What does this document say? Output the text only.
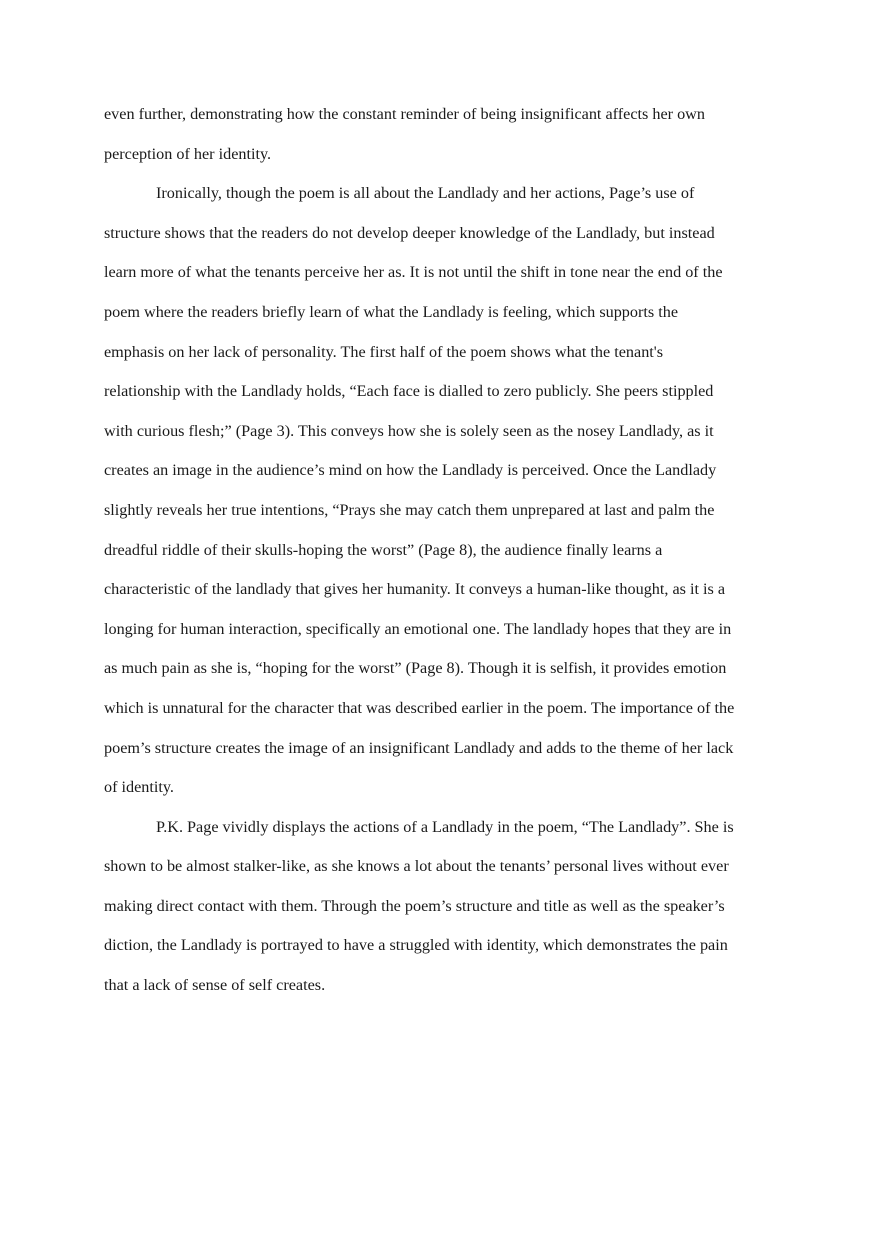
even further, demonstrating how the constant reminder of being insignificant affects her own
perception of her identity.

Ironically, though the poem is all about the Landlady and her actions, Page’s use of
structure shows that the readers do not develop deeper knowledge of the Landlady, but instead
learn more of what the tenants perceive her as. It is not until the shift in tone near the end of the
poem where the readers briefly learn of what the Landlady is feeling, which supports the
emphasis on her lack of personality. The first half of the poem shows what the tenant's
relationship with the Landlady holds, “Each face is dialled to zero publicly. She peers stippled
with curious flesh;” (Page 3). This conveys how she is solely seen as the nosey Landlady, as it
creates an image in the audience’s mind on how the Landlady is perceived. Once the Landlady
slightly reveals her true intentions, “Prays she may catch them unprepared at last and palm the
dreadful riddle of their skulls-hoping the worst” (Page 8), the audience finally learns a
characteristic of the landlady that gives her humanity. It conveys a human-like thought, as it is a
longing for human interaction, specifically an emotional one. The landlady hopes that they are in
as much pain as she is, “hoping for the worst” (Page 8). Though it is selfish, it provides emotion
which is unnatural for the character that was described earlier in the poem. The importance of the
poem’s structure creates the image of an insignificant Landlady and adds to the theme of her lack
of identity.

P.K. Page vividly displays the actions of a Landlady in the poem, “The Landlady”. She is
shown to be almost stalker-like, as she knows a lot about the tenants’ personal lives without ever
making direct contact with them. Through the poem’s structure and title as well as the speaker’s
diction, the Landlady is portrayed to have a struggled with identity, which demonstrates the pain
that a lack of sense of self creates.
